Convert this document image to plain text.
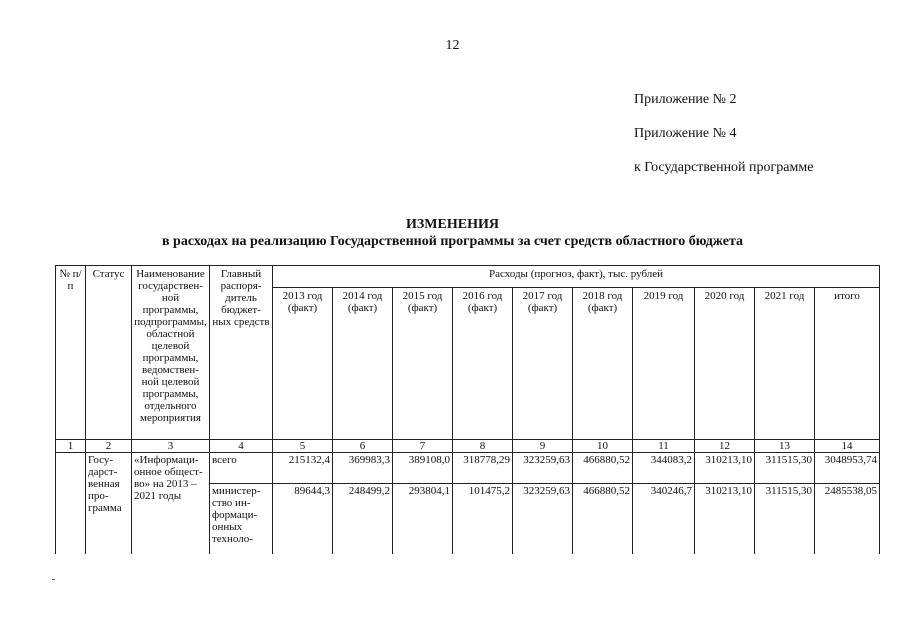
12
Приложение № 2
Приложение № 4
к Государственной программе
ИЗМЕНЕНИЯ
в расходах на реализацию Государственной программы за счет средств областного бюджета
№ п/п	Статус	Наименование государствен-ной программы, подпрограммы, областной целевой программы, ведомствен-ной целевой программы, отдельного мероприятия	Главный распоря-дитель бюджет-ных средств	Расходы (прогноз, факт), тыс. рублей									
				2013 год (факт)	2014 год (факт)	2015 год (факт)	2016 год (факт)	2017 год (факт)	2018 год (факт)	2019 год	2020 год	2021 год	итого
1	2	3	4	5	6	7	8	9	10	11	12	13	14
	Госу-дарст-венная про-грамма	«Информаци-онное общест-во» на 2013 – 2021 годы	всего	215132,4	369983,3	389108,0	318778,29	323259,63	466880,52	344083,2	310213,10	311515,30	3048953,74
			министер-ство ин-формаци-онных техноло-	89644,3	248499,2	293804,1	101475,2	323259,63	466880,52	340246,7	310213,10	311515,30	2485538,05
